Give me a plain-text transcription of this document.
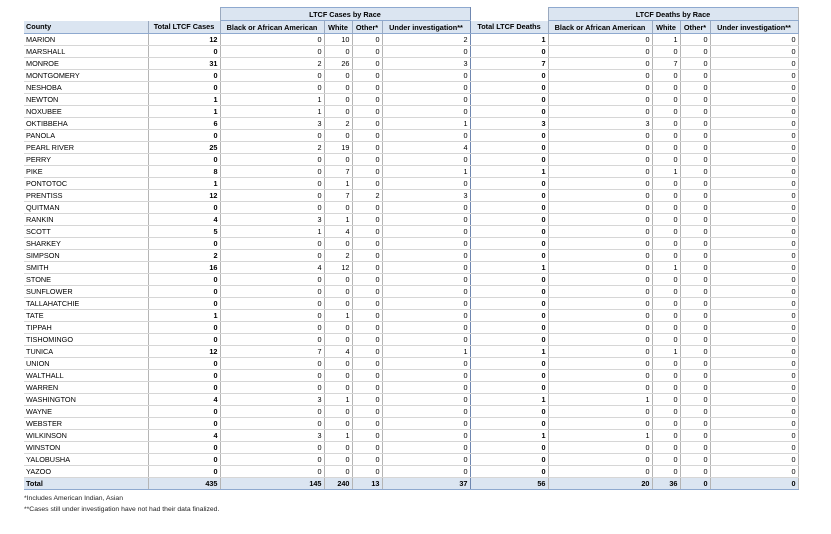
		LTCF Cases by Race					LTCF Deaths by Race			
County	Total LTCF Cases	Black or African American	White	Other*	Under investigation**	Total LTCF Deaths	Black or African American	White	Other*	Under investigation**
MARION	12	0	10	0	2	1	0	1	0	0
MARSHALL	0	0	0	0	0	0	0	0	0	0
MONROE	31	2	26	0	3	7	0	7	0	0
MONTGOMERY	0	0	0	0	0	0	0	0	0	0
NESHOBA	0	0	0	0	0	0	0	0	0	0
NEWTON	1	1	0	0	0	0	0	0	0	0
NOXUBEE	1	1	0	0	0	0	0	0	0	0
OKTIBBEHA	6	3	2	0	1	3	3	0	0	0
PANOLA	0	0	0	0	0	0	0	0	0	0
PEARL RIVER	25	2	19	0	4	0	0	0	0	0
PERRY	0	0	0	0	0	0	0	0	0	0
PIKE	8	0	7	0	1	1	0	1	0	0
PONTOTOC	1	0	1	0	0	0	0	0	0	0
PRENTISS	12	0	7	2	3	0	0	0	0	0
QUITMAN	0	0	0	0	0	0	0	0	0	0
RANKIN	4	3	1	0	0	0	0	0	0	0
SCOTT	5	1	4	0	0	0	0	0	0	0
SHARKEY	0	0	0	0	0	0	0	0	0	0
SIMPSON	2	0	2	0	0	0	0	0	0	0
SMITH	16	4	12	0	0	1	0	1	0	0
STONE	0	0	0	0	0	0	0	0	0	0
SUNFLOWER	0	0	0	0	0	0	0	0	0	0
TALLAHATCHIE	0	0	0	0	0	0	0	0	0	0
TATE	1	0	1	0	0	0	0	0	0	0
TIPPAH	0	0	0	0	0	0	0	0	0	0
TISHOMINGO	0	0	0	0	0	0	0	0	0	0
TUNICA	12	7	4	0	1	1	0	1	0	0
UNION	0	0	0	0	0	0	0	0	0	0
WALTHALL	0	0	0	0	0	0	0	0	0	0
WARREN	0	0	0	0	0	0	0	0	0	0
WASHINGTON	4	3	1	0	0	1	1	0	0	0
WAYNE	0	0	0	0	0	0	0	0	0	0
WEBSTER	0	0	0	0	0	0	0	0	0	0
WILKINSON	4	3	1	0	0	1	1	0	0	0
WINSTON	0	0	0	0	0	0	0	0	0	0
YALOBUSHA	0	0	0	0	0	0	0	0	0	0
YAZOO	0	0	0	0	0	0	0	0	0	0
Total	435	145	240	13	37	56	20	36	0	0
*Includes American Indian, Asian
**Cases still under investigation have not had their data finalized.
